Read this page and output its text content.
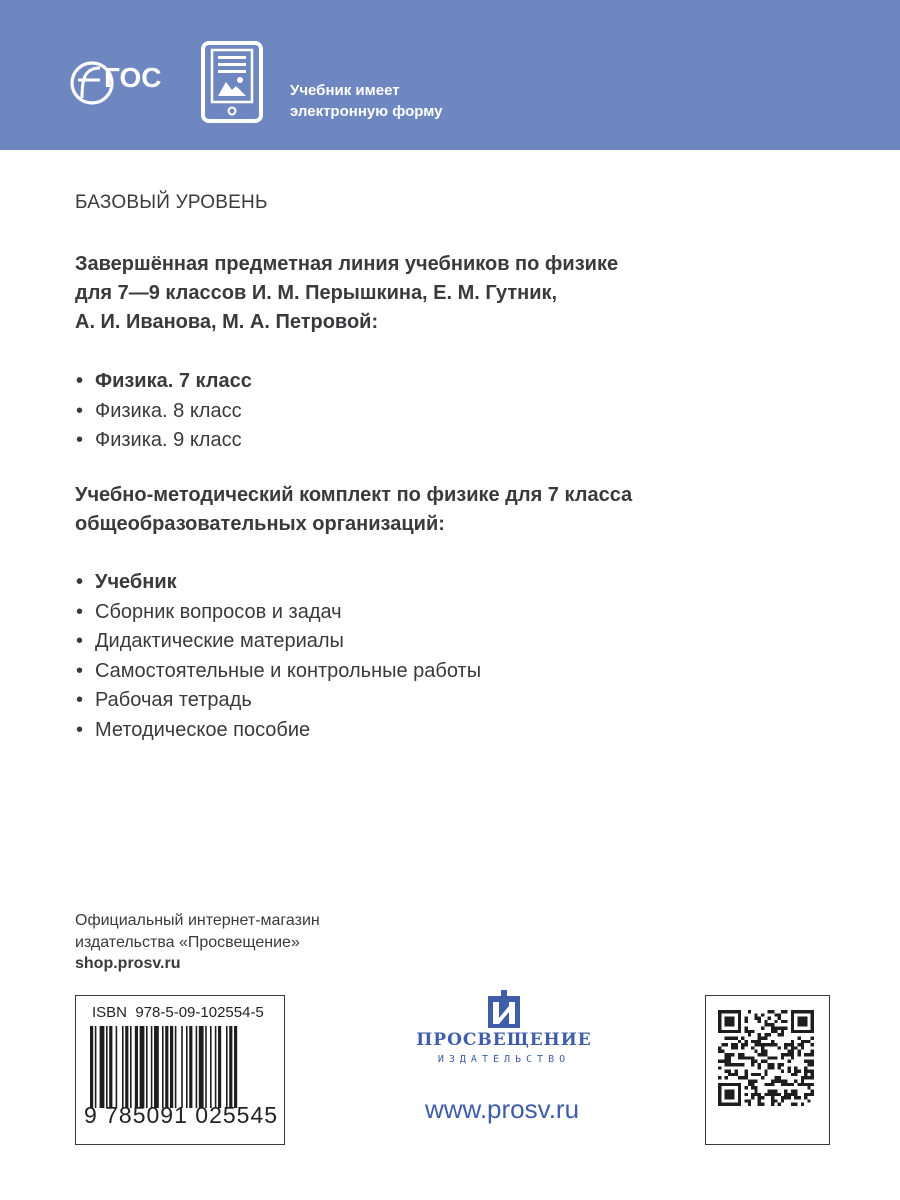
ГОС	Учебник имеет
электронную форму
БАЗОВЫЙ УРОВЕНЬ

Завершённая предметная линия учебников по физике
для 7—9 классов И. М. Перышкина, Е. М. Гутник,
А. И. Иванова, М. А. Петровой:

• Физика. 7 класс
• Физика. 8 класс
• Физика. 9 класс

Учебно-методический комплект по физике для 7 класса
общеобразовательных организаций:

• Учебник
• Сборник вопросов и задач
• Дидактические материалы
• Самостоятельные и контрольные работы
• Рабочая тетрадь
• Методическое пособие
Официальный интернет-магазин
издательства «Просвещение»
shop.prosv.ru
ISBN  978-5-09-102554-5
9 785091 025545
ПРОСВЕЩЕНИЕ
ИЗДАТЕЛЬСТВО
www.prosv.ru
